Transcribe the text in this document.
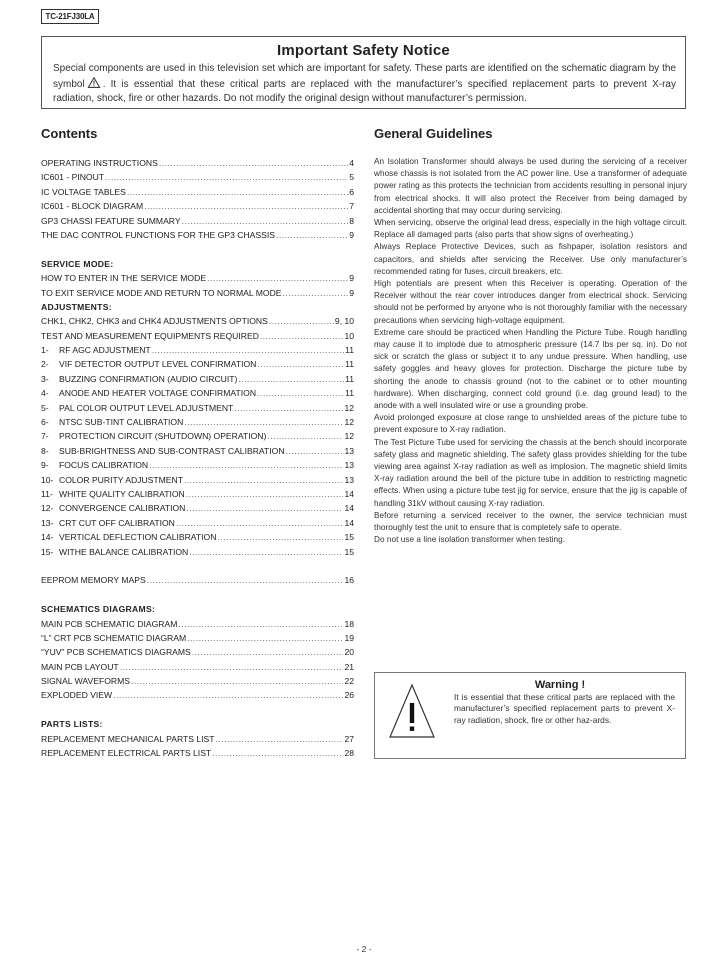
TC-21FJ30LA
Important Safety Notice
Special components are used in this television set which are important for safety. These parts are identified on the schematic diagram by the symbol . It is essential that these critical parts are replaced with the manufacturer’s specified replacement parts to prevent X-ray radiation, shock, fire or other hazards. Do not modify the original design without manufacturer’s permission.
Contents
OPERATING INSTRUCTIONS .....	4
IC601 - PINOUT .....	5
IC VOLTAGE TABLES .....	6
IC601 - BLOCK DIAGRAM .....	7
GP3 CHASSI FEATURE SUMMARY .....	8
THE DAC CONTROL FUNCTIONS FOR THE GP3 CHASSIS .....	9
SERVICE MODE:
HOW TO ENTER IN THE SERVICE MODE .....	9
TO EXIT SERVICE MODE AND RETURN TO NORMAL MODE .....	9
ADJUSTMENTS:
CHK1, CHK2, CHK3 and CHK4 ADJUSTMENTS OPTIONS .....	9, 10
TEST AND MEASUREMENT EQUIPMENTS REQUIRED .....	10
1-	RF AGC ADJUSTMENT .....	11
2-	VIF DETECTOR OUTPUT LEVEL CONFIRMATION .....	11
3-	BUZZING CONFIRMATION (AUDIO CIRCUIT) .....	11
4-	ANODE AND HEATER VOLTAGE CONFIRMATION .....	11
5-	PAL COLOR OUTPUT LEVEL ADJUSTMENT .....	12
6-	NTSC SUB-TINT CALIBRATION .....	12
7-	PROTECTION CIRCUIT (SHUTDOWN) OPERATION) .....	12
8-	SUB-BRIGHTNESS AND SUB-CONTRAST CALIBRATION .....	13
9-	FOCUS CALIBRATION .....	13
10- COLOR PURITY ADJUSTMENT .....	13
11- WHITE QUALITY CALIBRATION .....	14
12- CONVERGENCE CALIBRATION .....	14
13- CRT CUT OFF CALIBRATION .....	14
14- VERTICAL DEFLECTION CALIBRATION .....	15
15- WITHE BALANCE CALIBRATION .....	15
EEPROM MEMORY MAPS .....	16
SCHEMATICS DIAGRAMS:
MAIN PCB SCHEMATIC DIAGRAM .....	18
“L” CRT PCB SCHEMATIC DIAGRAM .....	19
“YUV” PCB SCHEMATICS DIAGRAMS .....	20
MAIN PCB LAYOUT .....	21
SIGNAL WAVEFORMS .....	22
EXPLODED VIEW .....	26
PARTS LISTS:
REPLACEMENT MECHANICAL PARTS LIST .....	27
REPLACEMENT ELECTRICAL PARTS LIST .....	28
General Guidelines

An Isolation Transformer should always be used during the servicing of a receiver whose chassis is not isolated from the AC power line. Use a transformer of adequate power rating as this protects the technician from accidents resulting in personal injury from electrical shocks. It will also protect the Receiver from being damaged by accidental shorting that may occur during servicing.

When servicing, observe the original lead dress, especially in the high voltage circuit. Replace all damaged parts (also parts that show signs of overheating.)

Always Replace Protective Devices, such as fishpaper, isolation resistors and capacitors, and shields after servicing the Receiver. Use only manufacturer’s recommended rating for fuses, circuit breakers, etc.

High potentials are present when this Receiver is operating. Operation of the Receiver without the rear cover introduces danger from electrical shock. Servicing should not be performed by anyone who is not thoroughly familiar with the necessary precautions when servicing high-voltage equipment.

Extreme care should be practiced when Handling the Picture Tube. Rough handling may cause it to implode due to atmospheric pressure (14.7 lbs per sq. in). Do not sick or scratch the glass or subject it to any undue pressure. When handling, use safety goggles and heavy gloves for protection. Discharge the picture tube by shorting the anode to chassis ground (not to the cabinet or to other mounting hardware). When discharging, connect cold ground (i.e. dag ground lead) to the anode with a well insulated wire or use a grounding probe.

Avoid prolonged exposure at close range to unshielded areas of the picture tube to prevent exposure to X-ray radiation.

The Test Picture Tube used for servicing the chassis at the bench should incorporate safety glass and magnetic shielding. The safety glass provides shielding for the tube viewing area against X-ray radiation as well as implosion. The magnetic shield limits X-ray radiation around the bell of the picture tube in addition to restricting magnetic effects. When using a picture tube test jig for service, ensure that the jig is capable of handling 31kV without causing X-ray radiation.

Before returning a serviced receiver to the owner, the service technician must thoroughly test the unit to ensure that is completely safe to operate.

Do not use a line isolation transformer when testing.

Warning !
It is essential that these critical parts are replaced with the manufacturer’s specified replacement parts to prevent X-ray radiation, shock, fire or other haz-ards.
- 2 -
